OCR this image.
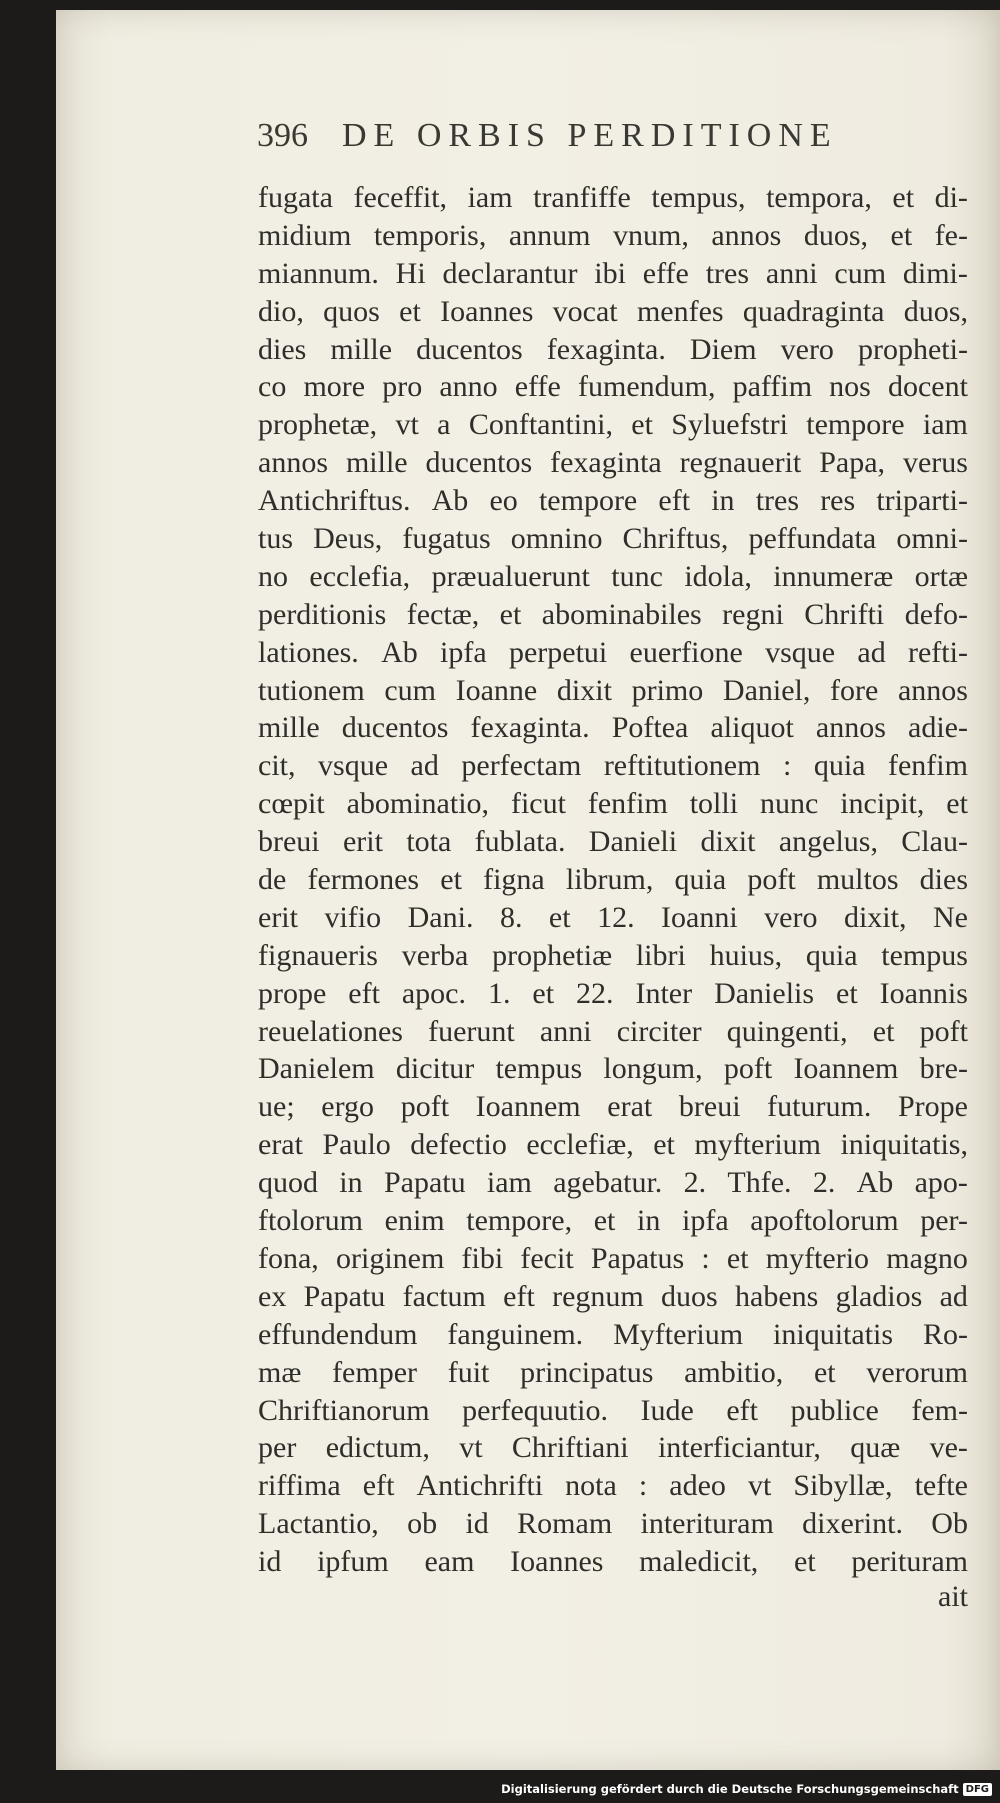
396 DE ORBIS PERDITIONE
fugata feceffit, iam tranfiffe tempus, tempora, et di-
midium temporis, annum vnum, annos duos, et fe-
miannum. Hi declarantur ibi effe tres anni cum dimi-
dio, quos et Ioannes vocat menfes quadraginta duos,
dies mille ducentos fexaginta. Diem vero propheti-
co more pro anno effe fumendum, paffim nos docent
prophetæ, vt a Conftantini, et Syluefstri tempore iam
annos mille ducentos fexaginta regnauerit Papa, verus
Antichriftus. Ab eo tempore eft in tres res triparti-
tus Deus, fugatus omnino Chriftus, peffundata omni-
no ecclefia, præualuerunt tunc idola, innumeræ ortæ
perditionis fectæ, et abominabiles regni Chrifti defo-
lationes. Ab ipfa perpetui euerfione vsque ad refti-
tutionem cum Ioanne dixit primo Daniel, fore annos
mille ducentos fexaginta. Poftea aliquot annos adie-
cit, vsque ad perfectam reftitutionem : quia fenfim
cœpit abominatio, ficut fenfim tolli nunc incipit, et
breui erit tota fublata. Danieli dixit angelus, Clau-
de fermones et figna librum, quia poft multos dies
erit vifio Dani. 8. et 12. Ioanni vero dixit, Ne
fignaueris verba prophetiæ libri huius, quia tempus
prope eft apoc. 1. et 22. Inter Danielis et Ioannis
reuelationes fuerunt anni circiter quingenti, et poft
Danielem dicitur tempus longum, poft Ioannem bre-
ue; ergo poft Ioannem erat breui futurum. Prope
erat Paulo defectio ecclefiæ, et myfterium iniquitatis,
quod in Papatu iam agebatur. 2. Thfe. 2. Ab apo-
ftolorum enim tempore, et in ipfa apoftolorum per-
fona, originem fibi fecit Papatus : et myfterio magno
ex Papatu factum eft regnum duos habens gladios ad
effundendum fanguinem. Myfterium iniquitatis Ro-
mæ femper fuit principatus ambitio, et verorum
Chriftianorum perfequutio. Iude eft publice fem-
per edictum, vt Chriftiani interficiantur, quæ ve-
riffima eft Antichrifti nota : adeo vt Sibyllæ, tefte
Lactantio, ob id Romam interituram dixerint. Ob
id ipfum eam Ioannes maledicit, et perituram
ait
Digitalisierung gefördert durch die Deutsche Forschungsgemeinschaft DFG
